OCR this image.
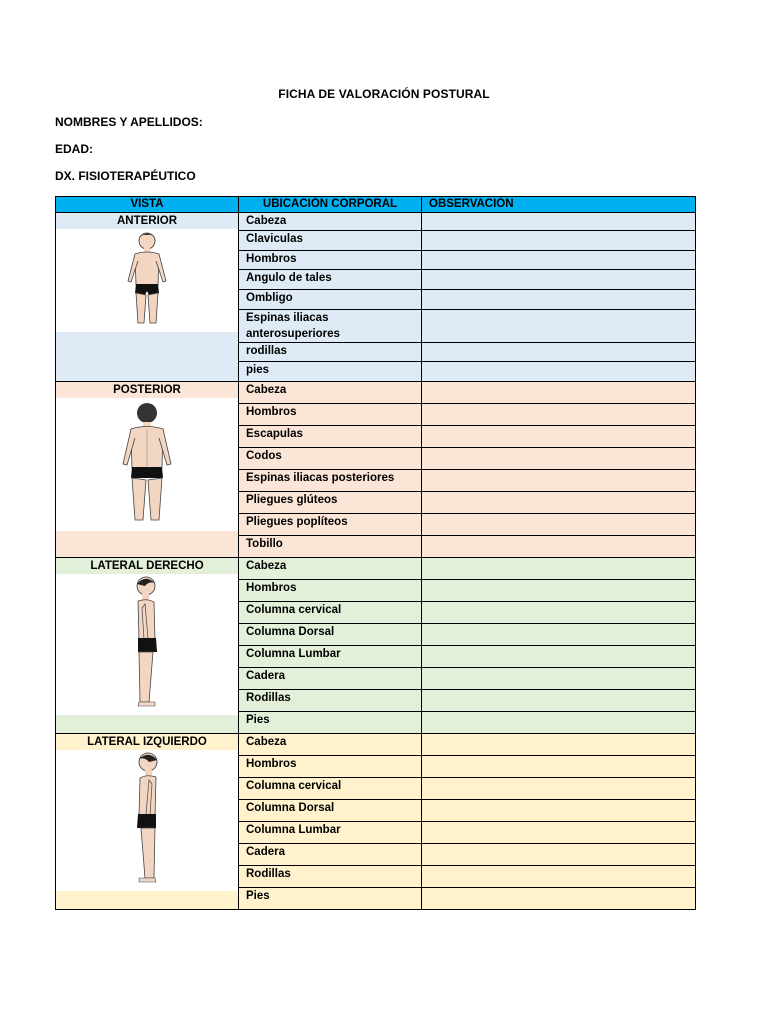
FICHA DE VALORACIÓN POSTURAL
NOMBRES Y APELLIDOS:
EDAD:
DX. FISIOTERAPÉUTICO
VISTA	UBICACIÓN CORPORAL	OBSERVACIÓN

ANTERIOR	Cabeza	
	Claviculas	
	Hombros	
	Angulo de tales	
	Ombligo	
	Espinas iliacas anterosuperiores	
	rodillas	
	pies	

POSTERIOR	Cabeza	
	Hombros	
	Escapulas	
	Codos	
	Espinas iliacas posteriores	
	Pliegues glúteos	
	Pliegues poplíteos	
	Tobillo	

LATERAL DERECHO	Cabeza	
	Hombros	
	Columna cervical	
	Columna Dorsal	
	Columna Lumbar	
	Cadera	
	Rodillas	
	Pies	

LATERAL IZQUIERDO	Cabeza	
	Hombros	
	Columna cervical	
	Columna Dorsal	
	Columna Lumbar	
	Cadera	
	Rodillas	
	Pies	
